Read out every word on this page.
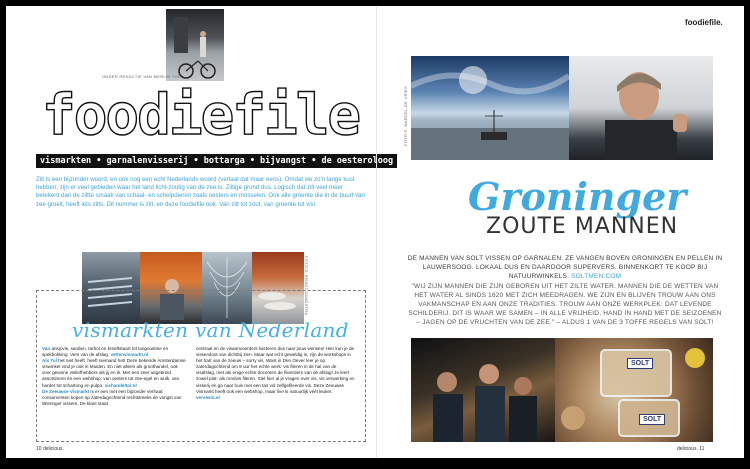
ONDER REDACTIE VAN MERLIN TOL
foodiefile
vismarkten • garnalenvisserij • bottarga • bijvangst • de oesteroloog
Zilt is een bijzonder woord, en ook nog een echt Nederlands woord (vertaal dat maar eens). Omdat we zo'n lange kust hebben, zijn er veel gebieden waar het land licht-zoutig van de zee is. Ziltige grond dus. Logisch dat zilt veel meer betekent dan de ziltte smaak van schaal- en schelpdieren zoals oesters en mosselen. Ook alle groente die in de buurt van zee groeit, heeft iets zilts. Dit nummer is zilt, en deze foodiefile ook. Van zilt tot zout, van groente tot vis!
FOTO'S: ERNST ZANDSTRA
vismarkten van Nederland
Van ansjovis, sardien, tarbot en kreeftstaart tot langoustine en spekbokking. Vers van de afslag. vettenvismarkt.nl
Als Tol het niet heeft, heeft niemand het! Deze bekende Amsterdamse viswinkel vind je ook in Muiden. En niet alleen als groothandel, ook voor gewone visliefhebbers als jij en ik. Met een zeer uitgebreid assortiment én een webshop: van oesters tot zee-egel en wulk, van harder tot schartong en pulpo. vishandeltol.nl
De Zeeuwse Vismarkt is er een met een bijzonder verhaal: consumenten kopen op zaterdagochtend rechtstreeks de vangst van Wieringer vissers. De klant staat
centraal en de visaanvoerders luisteren dus naar jouw wensen! Hier kun je de visservloot van dichtbij zien. Maar wat echt geweldig is, zijn de workshops in het hart van de zeeuw – sorry vis. Want in Den Oever leer je op zaterdagochtend om 9 uur het echte werk: vis fileren in de hal van de visafslag, met als enige echte docenten de fileerders van de afslag! Je leert zowel plat- als rondvis fileren. Stel hier al je vragen over vis, vis verwerking en visserij en ga naar huis met een tas vol zelfgefileerde vis. Deze Zeeuwse Vismarkt heeft ook een webshop, maar live is natuurlijk véél leuker. versevis.nl
10 delicious.
foodiefile.
FOTO'S: MARCEL DE VRIES
delicious. 11
SOLT
SOLT
Groninger
ZOUTE MANNEN
DE MANNEN VAN SOLT VISSEN OP GARNALEN. ZE VANGEN BOVEN GRONINGEN EN PELLEN IN LAUWERSOOG. LOKAAL DUS EN DAARDOOR SUPERVERS. BINNENKORT TE KOOP BIJ NATUURWINKELS. SOLTMEN.COM
"WIJ ZIJN MANNEN DIE ZIJN GEBOREN UIT HET ZILTE WATER. MANNEN DIE DE WETTEN VAN HET WATER AL SINDS 1620 MET ZICH MEEDRAGEN. WE ZIJN EN BLIJVEN TROUW AAN ONS VAKMANSCHAP EN AAN ONZE TRADITIES. TROUW AAN ONZE WERKPLEK: DAT LEVENDE SCHILDERIJ. DIT IS WAAR WE SAMEN – IN ALLE VRIJHEID, HAND IN HAND MET DE SEIZOENEN – JAGEN OP DE VRUCHTEN VAN DE ZEE." – ALDUS 1 VAN DE 3 TOFFE REGELS VAN SOLT!
